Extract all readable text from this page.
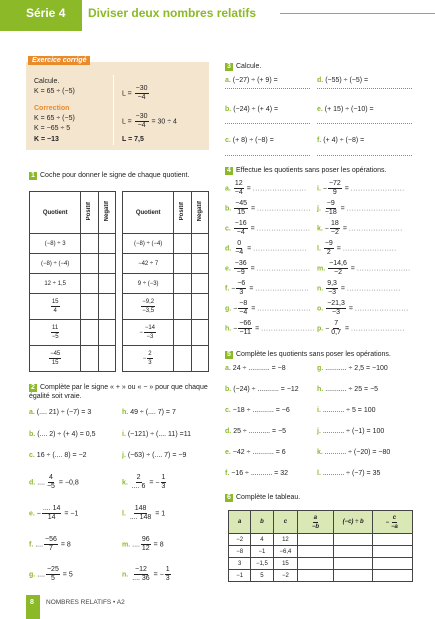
Série 4 Diviser deux nombres relatifs
Exercice corrigé
Calcule.
K = 65 ÷ (−5)
Correction
K = 65 ÷ (−5)
K = −65 ÷ 5
K = −13
$L = \frac{-30}{-4}$
$L = \frac{-30}{-4} = 30 \div 4$
L = 7,5
1 Coche pour donner le signe de chaque quotient.
Quotient	Positif	Négatif
(−8) ÷ 3		
(−8) ÷ (−4)		
12 ÷ 1,5		

$\frac{15}{4}$

$\frac{11}{-5}$

$\frac{-45}{15}$

Quotient	Positif	Négatif
(−8) ÷ (−4)		
−42 ÷ 7		
9 ÷ (−3)		

$\frac{-9,2}{-3,5}$

− $\frac{-14}{-3}$

− $\frac{2}{3}$

2 Complète par le signe « + » ou « − » pour que chaque égalité soit vraie.
a. (.... 21) ÷ (−7) = 3	h. 49 ÷ (.... 7) = 7
b. (.... 2) ÷ (+ 4) = 0,5	i. (−121) ÷ (.... 11) =11
c. 16 ÷ (.... 8) = −2	j. (−63) ÷ (.... 7) = −9
d. .... $\frac{4}{-5} = -0,8$	k. $\frac{2}{.... 6}$ = − $\frac{1}{3}$
e. − $\frac{.... 14}{14} = -1$	l. $\frac{148}{.... 148} = 1$
f. .... $\frac{-56}{7} = 8$	m. .... $\frac{96}{12} = 8$
g. .... $\frac{-25}{5} = 5$	n. $\frac{-12}{.... 36}$ = − $\frac{1}{3}$
3 Calcule.
a. (−27) ÷ (+ 9) =	d. (−55) ÷ (−5) =
b. (−24) ÷ (+ 4) =	e. (+ 15) ÷ (−10) =
c. (+ 8) ÷ (−8) =	f. (+ 4) ÷ (−8) =
4 Effectue les quotients sans poser les opérations.
a. $\frac{12}{-4}$ = ......................
b. $\frac{-45}{15}$ = ......................
c. $\frac{-16}{-4}$ = ......................
d. $\frac{0}{-4}$ = ......................
e. $\frac{-36}{-9}$ = ......................
f. − $\frac{-6}{3}$ = ......................
g. − $\frac{-8}{-4}$ = ......................
h. − $\frac{-66}{-11}$ = ......................
i. − $\frac{-72}{9}$ = ......................
j. $\frac{-9}{-18}$ = ......................
k. − $\frac{18}{-2}$ = ......................
l. $\frac{-9}{2}$ = ......................
m. $\frac{-14,6}{-2}$ = ......................
n. $\frac{9,3}{-3}$ = ......................
o. $\frac{-21,3}{-3}$ = ......................
p. − $\frac{7}{0,7}$ = ......................
5 Complète les quotients sans poser les opérations.
a. 24 ÷ ........... = −8	g. ........... ÷ 2,5 = −100
b. (−24) ÷ ........... = −12	h. ........... ÷ 25 = −5
c. −18 ÷ ........... = −6	i. ........... ÷ 5 = 100
d. 25 ÷ ........... = −5	j. ........... ÷ (−1) = 100
e. −42 ÷ ........... = 6	k. ........... ÷ (−20) = −80
f. −16 ÷ ........... = 32	l. ........... ÷ (−7) = 35
6 Complète le tableau.
a	b	c	$\frac{a}{-b}$	(−c) ÷ b	− $\frac{c}{-a}$

−2	4	12			
−8	−1	−6,4			
3	−1,5	15			
−1	5	−2			
8 NOMBRES RELATIFS • A2
